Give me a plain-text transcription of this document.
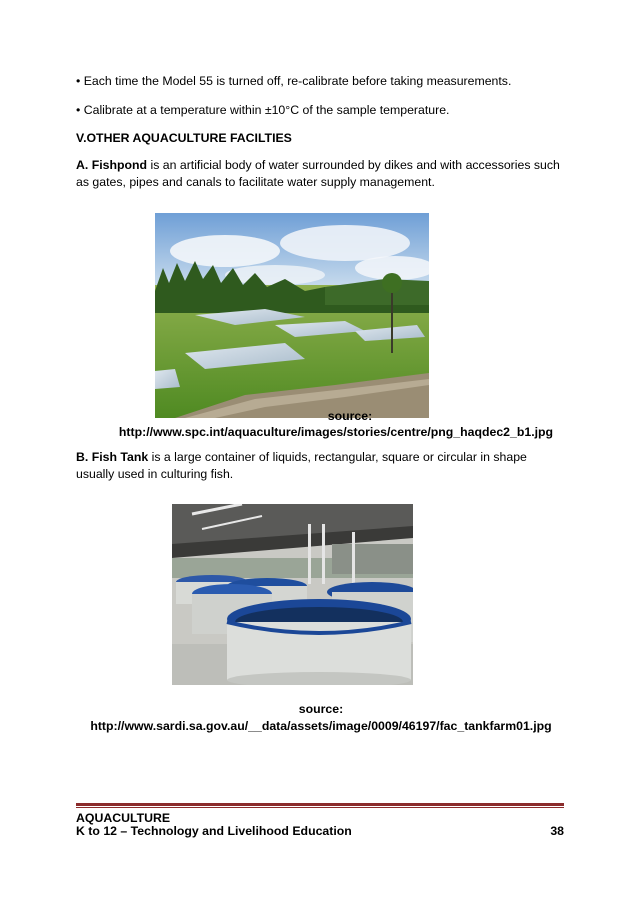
• Each time the Model 55 is turned off, re-calibrate before taking measurements.
• Calibrate at a temperature within ±10°C of the sample temperature.
V.OTHER AQUACULTURE FACILTIES
A. Fishpond is an artificial body of water surrounded by dikes and with accessories such as gates, pipes and canals to facilitate water supply management.
source:
http://www.spc.int/aquaculture/images/stories/centre/png_haqdec2_b1.jpg
B. Fish Tank is a large container of liquids, rectangular, square or circular in shape usually used in culturing fish.
source:
http://www.sardi.sa.gov.au/__data/assets/image/0009/46197/fac_tankfarm01.jpg
AQUACULTURE
K to 12 – Technology and Livelihood Education	38
